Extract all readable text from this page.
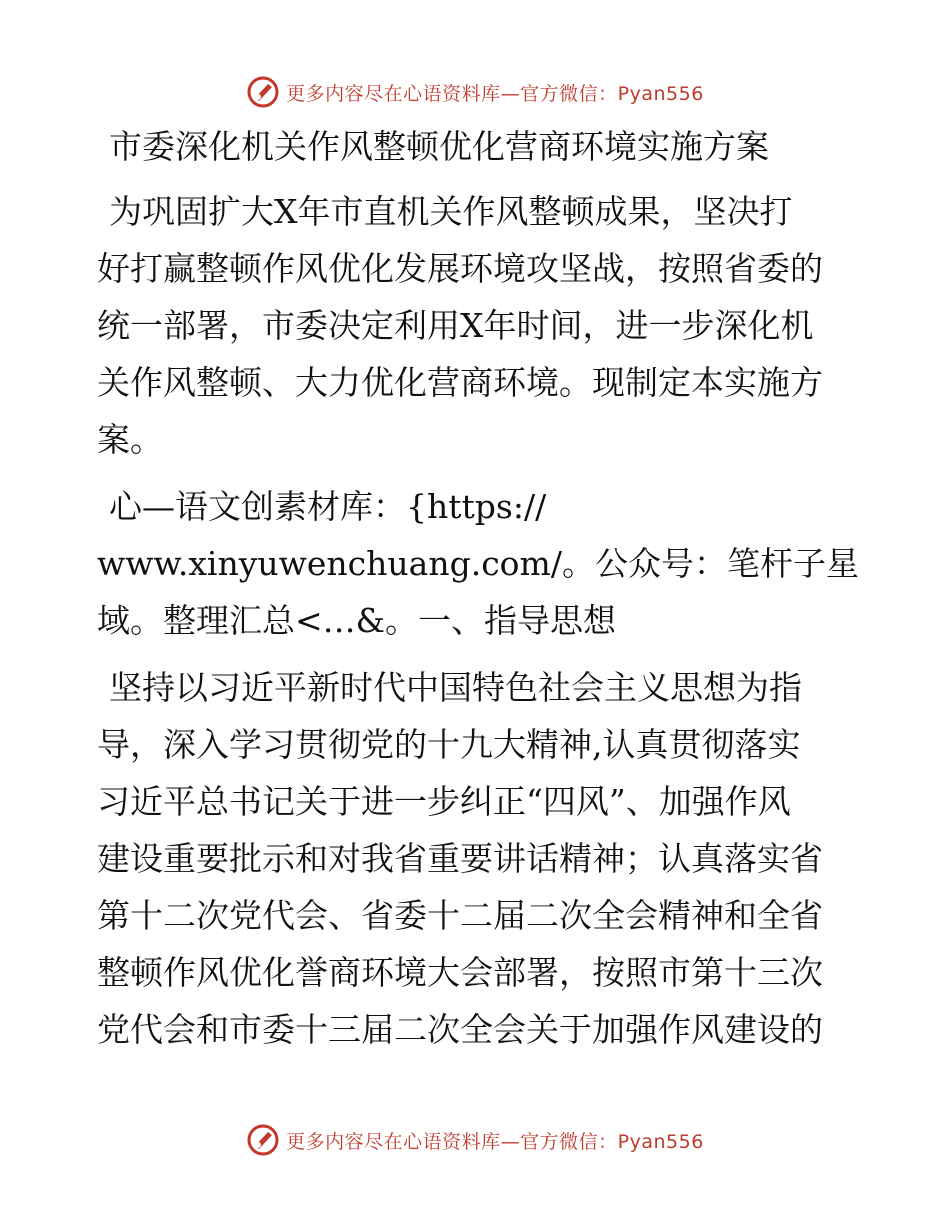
更多内容尽在心语资料库—官方微信：Pyan556
市委深化机关作风整顿优化营商环境实施方案

为巩固扩大X年市直机关作风整顿成果，坚决打
好打赢整顿作风优化发展环境攻坚战，按照省委的
统一部署，市委决定利用X年时间，进一步深化机
关作风整顿、大力优化营商环境。现制定本实施方
案。

心—语文创素材库：{https://
www.xinyuwenchuang.com/。公众号：笔杆子星
域。整理汇总<…&。一、指导思想

坚持以习近平新时代中国特色社会主义思想为指
导，深入学习贯彻党的十九大精神,认真贯彻落实
习近平总书记关于进一步纠正“四风”、加强作风
建设重要批示和对我省重要讲话精神；认真落实省
第十二次党代会、省委十二届二次全会精神和全省
整顿作风优化誉商环境大会部署，按照市第十三次
党代会和市委十三届二次全会关于加强作风建设的

更多内容尽在心语资料库—官方微信：Pyan556
